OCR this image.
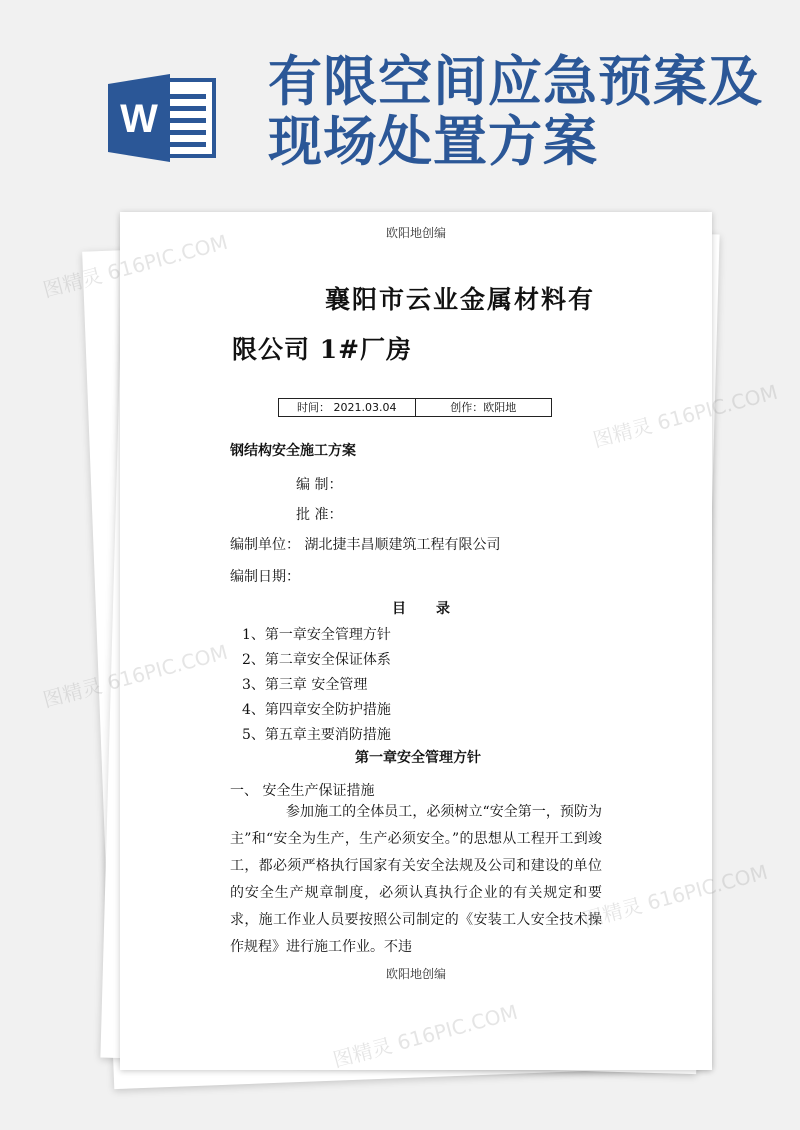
W
有限空间应急预案及现场处置方案
欧阳地创编
襄阳市云业金属材料有
限公司 1#厂房
时间： 2021.03.04	创作：欧阳地
钢结构安全施工方案
编 制：
批 准：
编制单位： 湖北捷丰昌顺建筑工程有限公司
编制日期：
目录
1、第一章安全管理方针
2、第二章安全保证体系
3、第三章 安全管理
4、第四章安全防护措施
5、第五章主要消防措施
第一章安全管理方针
一、 安全生产保证措施
参加施工的全体员工，必须树立“安全第一，预防为主”和“安全为生产，生产必须安全。”的思想从工程开工到竣工，都必须严格执行国家有关安全法规及公司和建设的单位的安全生产规章制度，必须认真执行企业的有关规定和要求，施工作业人员要按照公司制定的《安装工人安全技术操作规程》进行施工作业。不违
欧阳地创编
图精灵 616PIC.COM
图精灵 616PIC.COM
图精灵 616PIC.COM
图精灵 616PIC.COM
图精灵 616PIC.COM
